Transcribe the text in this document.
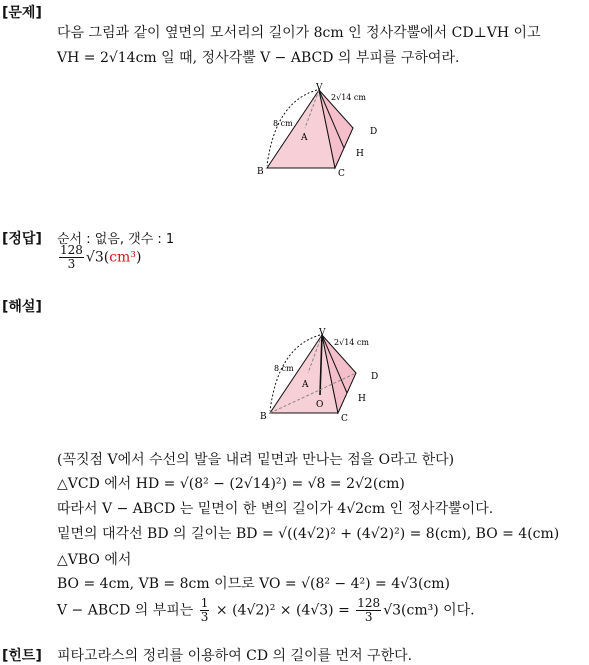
[문제]
다음 그림과 같이 옆면의 모서리의 길이가 8cm 인 정사각뿔에서 CD⊥VH 이고
VH = 2√14cm 일 때, 정사각뿔 V − ABCD 의 부피를 구하여라.
V
2√14 cm
8 cm
A
B	C
D
H
[정답] 순서 : 없음, 갯수 : 1
$\frac{128}{3} √3(cm^3)$
[해설]
V
2√14 cm
8 cm
A
O
B	C
D
H
(꼭짓점 V에서 수선의 발을 내려 밑면과 만나는 점을 O라고 한다)
△VCD 에서 HD = √(8² − (2√14)²) = √8 = 2√2(cm)
따라서 V − ABCD 는 밑면이 한 변의 길이가 4√2cm 인 정사각뿔이다.
밑면의 대각선 BD 의 길이는 BD = √((4√2)² + (4√2)²) = 8(cm), BO = 4(cm)
△VBO 에서
BO = 4cm, VB = 8cm 이므로 VO = √(8² − 4²) = 4√3(cm)
V − ABCD 의 부피는 $\frac{1}{3} \times (4√2)^2 \times (4√3) = \frac{128}{3} √3(cm^3)$ 이다.
[힌트] 피타고라스의 정리를 이용하여 CD 의 길이를 먼저 구한다.
